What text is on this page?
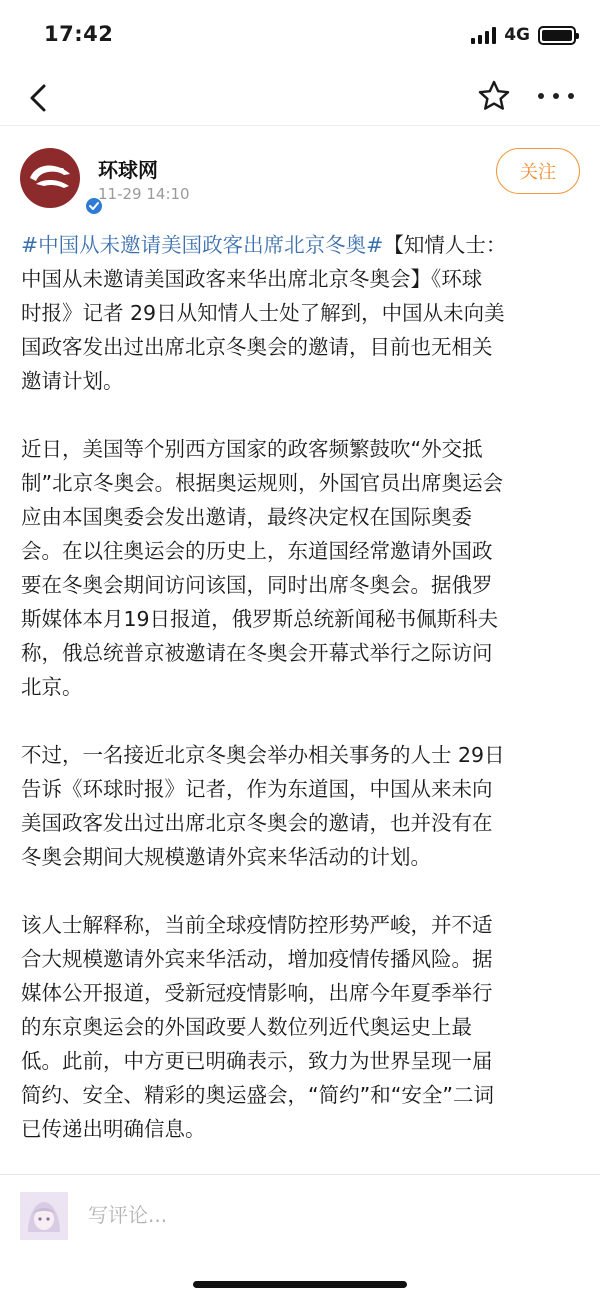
17:42	4G
环球网
11-29 14:10
关注

#中国从未邀请美国政客出席北京冬奥#【知情人士：
中国从未邀请美国政客来华出席北京冬奥会】《环球
时报》记者 29日从知情人士处了解到，中国从未向美
国政客发出过出席北京冬奥会的邀请，目前也无相关
邀请计划。

近日，美国等个别西方国家的政客频繁鼓吹“外交抵
制”北京冬奥会。根据奥运规则，外国官员出席奥运会
应由本国奥委会发出邀请，最终决定权在国际奥委
会。在以往奥运会的历史上，东道国经常邀请外国政
要在冬奥会期间访问该国，同时出席冬奥会。据俄罗
斯媒体本月19日报道，俄罗斯总统新闻秘书佩斯科夫
称，俄总统普京被邀请在冬奥会开幕式举行之际访问
北京。

不过，一名接近北京冬奥会举办相关事务的人士 29日
告诉《环球时报》记者，作为东道国，中国从来未向
美国政客发出过出席北京冬奥会的邀请，也并没有在
冬奥会期间大规模邀请外宾来华活动的计划。

该人士解释称，当前全球疫情防控形势严峻，并不适
合大规模邀请外宾来华活动，增加疫情传播风险。据
媒体公开报道，受新冠疫情影响，出席今年夏季举行
的东京奥运会的外国政要人数位列近代奥运史上最
低。此前，中方更已明确表示，致力为世界呈现一届
简约、安全、精彩的奥运盛会，“简约”和“安全”二词
已传递出明确信息。

写评论...
